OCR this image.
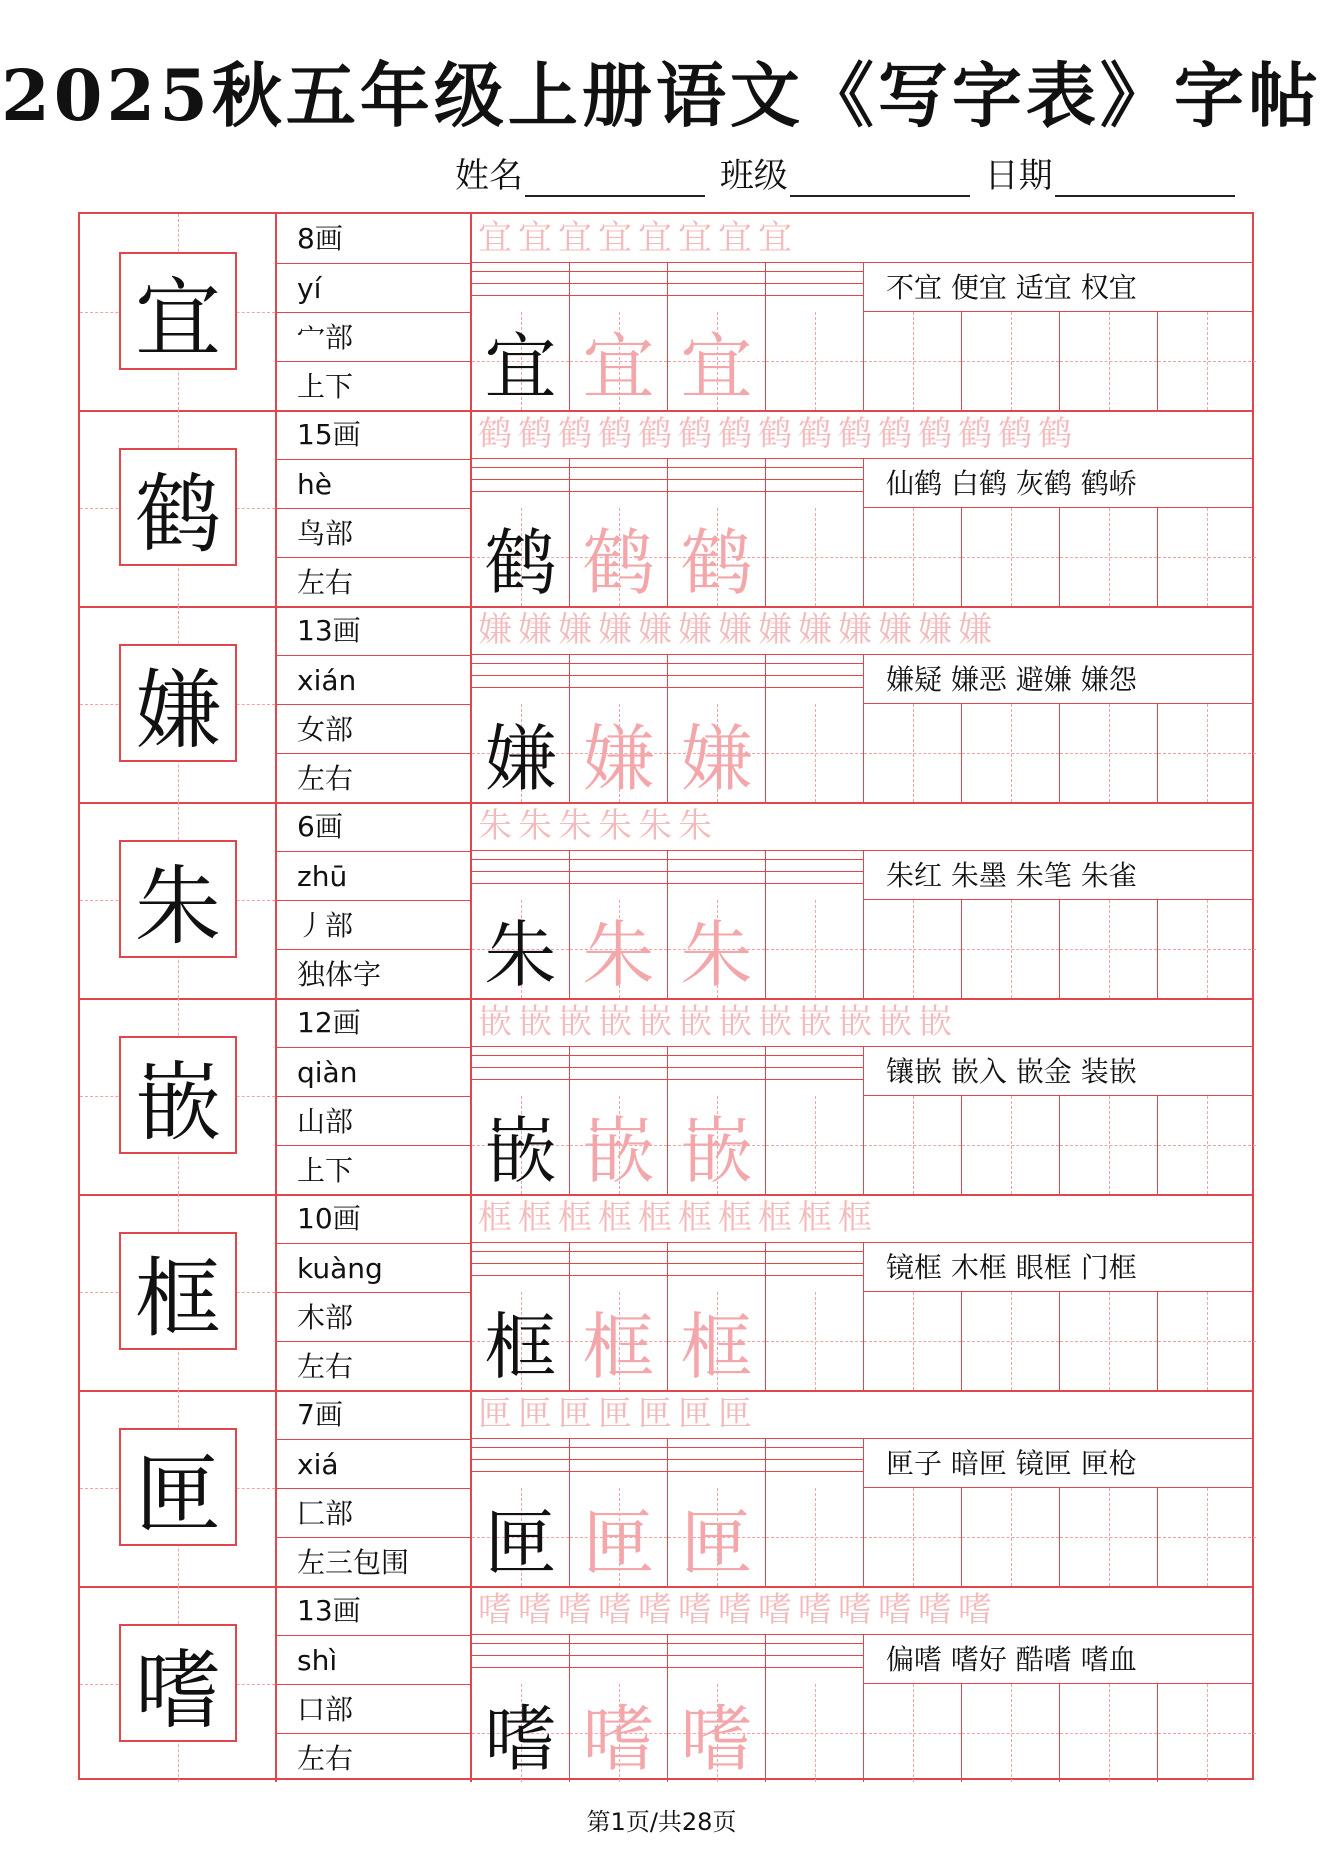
2025秋五年级上册语文《写字表》字帖
姓名	班级	日期
宜
8画
yí
宀部
上下
宜宜宜宜宜宜宜宜
不宜 便宜 适宜 权宜
宜 宜 宜
鹤
15画
hè
鸟部
左右
鹤鹤鹤鹤鹤鹤鹤鹤鹤鹤鹤鹤鹤鹤鹤
仙鹤 白鹤 灰鹤 鹤峤
鹤 鹤 鹤
嫌
13画
xián
女部
左右
嫌嫌嫌嫌嫌嫌嫌嫌嫌嫌嫌嫌嫌
嫌疑 嫌恶 避嫌 嫌怨
嫌 嫌 嫌
朱
6画
zhū
丿部
独体字
朱朱朱朱朱朱
朱红 朱墨 朱笔 朱雀
朱 朱 朱
嵌
12画
qiàn
山部
上下
嵌嵌嵌嵌嵌嵌嵌嵌嵌嵌嵌嵌
镶嵌 嵌入 嵌金 装嵌
嵌 嵌 嵌
框
10画
kuàng
木部
左右
框框框框框框框框框框
镜框 木框 眼框 门框
框 框 框
匣
7画
xiá
匚部
左三包围
匣匣匣匣匣匣匣
匣子 暗匣 镜匣 匣枪
匣 匣 匣
嗜
13画
shì
口部
左右
嗜嗜嗜嗜嗜嗜嗜嗜嗜嗜嗜嗜嗜
偏嗜 嗜好 酷嗜 嗜血
嗜 嗜 嗜
第1页/共28页
